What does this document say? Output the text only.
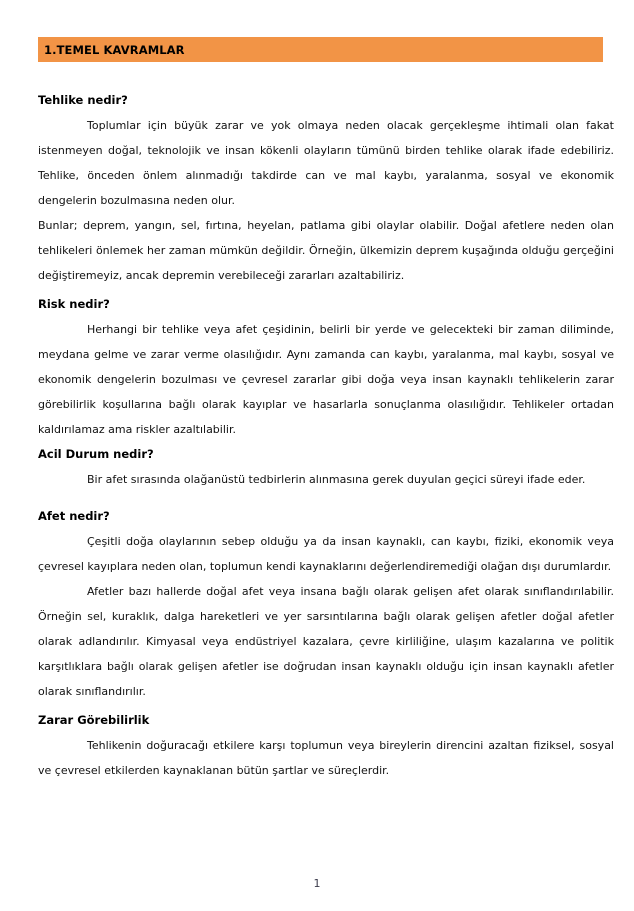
1.TEMEL KAVRAMLAR
Tehlike nedir?

Toplumlar için büyük zarar ve yok olmaya neden olacak gerçekleşme ihtimali olan fakat istenmeyen doğal, teknolojik ve insan kökenli olayların tümünü birden tehlike olarak ifade edebiliriz. Tehlike, önceden önlem alınmadığı takdirde can ve mal kaybı, yaralanma, sosyal ve ekonomik dengelerin bozulmasına neden olur.

Bunlar; deprem, yangın, sel, fırtına, heyelan, patlama gibi olaylar olabilir. Doğal afetlere neden olan tehlikeleri önlemek her zaman mümkün değildir. Örneğin, ülkemizin deprem kuşağında olduğu gerçeğini değiştiremeyiz, ancak depremin verebileceği zararları azaltabiliriz.

Risk nedir?

Herhangi bir tehlike veya afet çeşidinin, belirli bir yerde ve gelecekteki bir zaman diliminde, meydana gelme ve zarar verme olasılığıdır. Aynı zamanda can kaybı, yaralanma, mal kaybı, sosyal ve ekonomik dengelerin bozulması ve çevresel zararlar gibi doğa veya insan kaynaklı tehlikelerin zarar görebilirlik koşullarına bağlı olarak kayıplar ve hasarlarla sonuçlanma olasılığıdır. Tehlikeler ortadan kaldırılamaz ama riskler azaltılabilir.

Acil Durum nedir?

Bir afet sırasında olağanüstü tedbirlerin alınmasına gerek duyulan geçici süreyi ifade eder.

Afet nedir?

Çeşitli doğa olaylarının sebep olduğu ya da insan kaynaklı, can kaybı, fiziki, ekonomik veya çevresel kayıplara neden olan, toplumun kendi kaynaklarını değerlendiremediği olağan dışı durumlardır.

Afetler bazı hallerde doğal afet veya insana bağlı olarak gelişen afet olarak sınıflandırılabilir. Örneğin sel, kuraklık, dalga hareketleri ve yer sarsıntılarına bağlı olarak gelişen afetler doğal afetler olarak adlandırılır. Kimyasal veya endüstriyel kazalara, çevre kirliliğine, ulaşım kazalarına ve politik karşıtlıklara bağlı olarak gelişen afetler ise doğrudan insan kaynaklı olduğu için insan kaynaklı afetler olarak sınıflandırılır.

Zarar Görebilirlik

Tehlikenin doğuracağı etkilere karşı toplumun veya bireylerin direncini azaltan fiziksel, sosyal ve çevresel etkilerden kaynaklanan bütün şartlar ve süreçlerdir.

1
